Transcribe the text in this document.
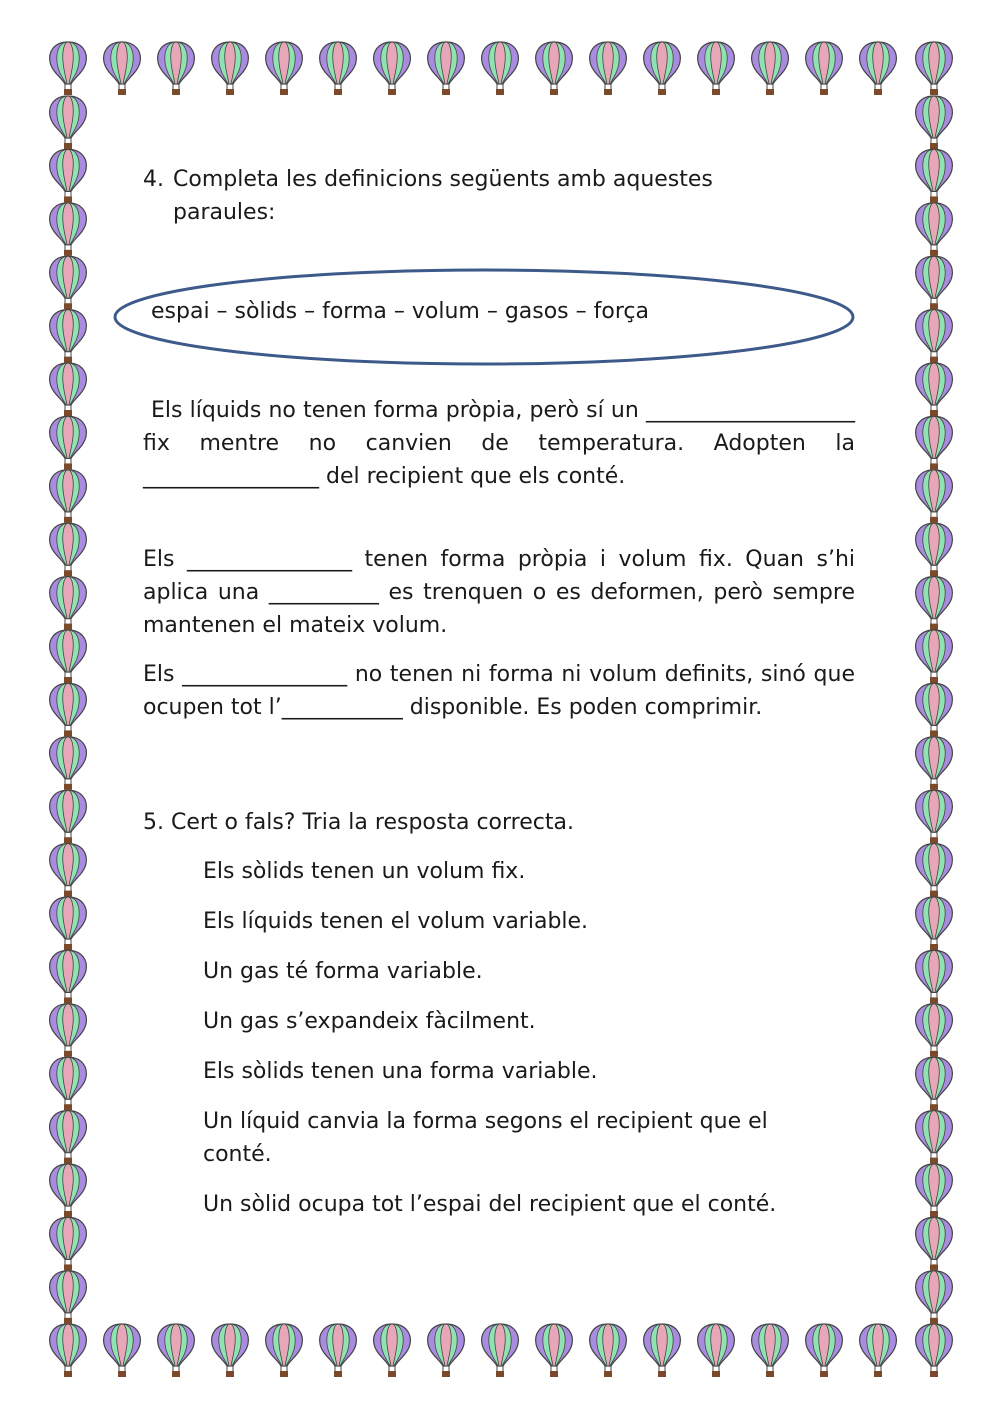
4. Completa les definicions següents amb aquestes
paraules:
espai – sòlids – forma – volum – gasos – força

Els líquids no tenen forma pròpia, però sí un ___________________ fix mentre no canvien de temperatura. Adopten la ________________ del recipient que els conté.

Els _______________ tenen forma pròpia i volum fix. Quan s’hi aplica una __________ es trenquen o es deformen, però sempre mantenen el mateix volum.

Els _______________ no tenen ni forma ni volum definits, sinó que ocupen tot l’___________ disponible. Es poden comprimir.

5. Cert o fals? Tria la resposta correcta.
Els sòlids tenen un volum fix.
Els líquids tenen el volum variable.
Un gas té forma variable.
Un gas s’expandeix fàcilment.
Els sòlids tenen una forma variable.
Un líquid canvia la forma segons el recipient que el conté.
Un sòlid ocupa tot l’espai del recipient que el conté.
